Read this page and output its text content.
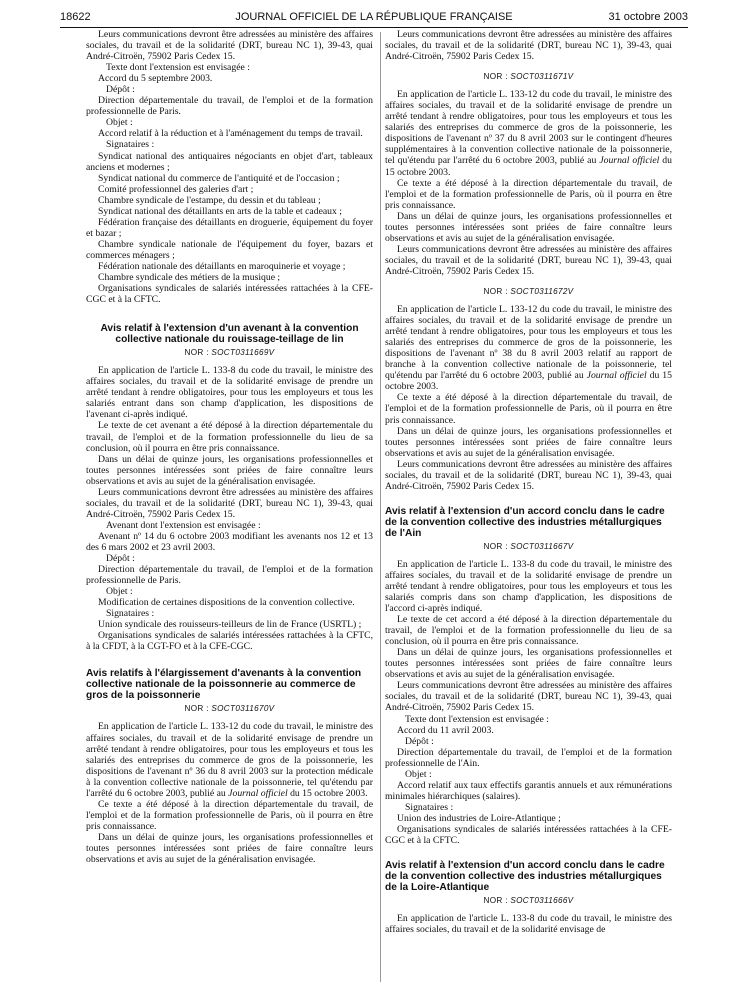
18622	JOURNAL OFFICIEL DE LA RÉPUBLIQUE FRANÇAISE	31 octobre 2003

Leurs communications devront être adressées au ministère des affaires sociales, du travail et de la solidarité (DRT, bureau NC 1), 39-43, quai André-Citroën, 75902 Paris Cedex 15.

Texte dont l'extension est envisagée :

Accord du 5 septembre 2003.

Dépôt :

Direction départementale du travail, de l'emploi et de la formation professionnelle de Paris.

Objet :

Accord relatif à la réduction et à l'aménagement du temps de travail.

Signataires :

Syndicat national des antiquaires négociants en objet d'art, tableaux anciens et modernes ;

Syndicat national du commerce de l'antiquité et de l'occasion ;

Comité professionnel des galeries d'art ;

Chambre syndicale de l'estampe, du dessin et du tableau ;

Syndicat national des détaillants en arts de la table et cadeaux ;

Fédération française des détaillants en droguerie, équipement du foyer et bazar ;

Chambre syndicale nationale de l'équipement du foyer, bazars et commerces ménagers ;

Fédération nationale des détaillants en maroquinerie et voyage ;

Chambre syndicale des métiers de la musique ;

Organisations syndicales de salariés intéressées rattachées à la CFE-CGC et à la CFTC.

Avis relatif à l'extension d'un avenant à la convention collective nationale du rouissage-teillage de lin
NOR : SOCT0311669V

En application de l'article L. 133-8 du code du travail, le ministre des affaires sociales, du travail et de la solidarité envisage de prendre un arrêté tendant à rendre obligatoires, pour tous les employeurs et tous les salariés entrant dans son champ d'application, les dispositions de l'avenant ci-après indiqué.

Le texte de cet avenant a été déposé à la direction départementale du travail, de l'emploi et de la formation professionnelle du lieu de sa conclusion, où il pourra en être pris connaissance.

Dans un délai de quinze jours, les organisations professionnelles et toutes personnes intéressées sont priées de faire connaître leurs observations et avis au sujet de la généralisation envisagée.

Leurs communications devront être adressées au ministère des affaires sociales, du travail et de la solidarité (DRT, bureau NC 1), 39-43, quai André-Citroën, 75902 Paris Cedex 15.

Avenant dont l'extension est envisagée :

Avenant nº 14 du 6 octobre 2003 modifiant les avenants nos 12 et 13 des 6 mars 2002 et 23 avril 2003.

Dépôt :

Direction départementale du travail, de l'emploi et de la formation professionnelle de Paris.

Objet :

Modification de certaines dispositions de la convention collective.

Signataires :

Union syndicale des rouisseurs-teilleurs de lin de France (USRTL) ;

Organisations syndicales de salariés intéressées rattachées à la CFTC, à la CFDT, à la CGT-FO et à la CFE-CGC.

Avis relatifs à l'élargissement d'avenants à la convention collective nationale de la poissonnerie au commerce de gros de la poissonnerie
NOR : SOCT0311670V

En application de l'article L. 133-12 du code du travail, le ministre des affaires sociales, du travail et de la solidarité envisage de prendre un arrêté tendant à rendre obligatoires, pour tous les employeurs et tous les salariés des entreprises du commerce de gros de la poissonnerie, les dispositions de l'avenant nº 36 du 8 avril 2003 sur la protection médicale à la convention collective nationale de la poissonnerie, tel qu'étendu par l'arrêté du 6 octobre 2003, publié au Journal officiel du 15 octobre 2003.

Ce texte a été déposé à la direction départementale du travail, de l'emploi et de la formation professionnelle de Paris, où il pourra en être pris connaissance.

Dans un délai de quinze jours, les organisations professionnelles et toutes personnes intéressées sont priées de faire connaître leurs observations et avis au sujet de la généralisation envisagée.

Leurs communications devront être adressées au ministère des affaires sociales, du travail et de la solidarité (DRT, bureau NC 1), 39-43, quai André-Citroën, 75902 Paris Cedex 15.

NOR : SOCT0311671V

En application de l'article L. 133-12 du code du travail, le ministre des affaires sociales, du travail et de la solidarité envisage de prendre un arrêté tendant à rendre obligatoires, pour tous les employeurs et tous les salariés des entreprises du commerce de gros de la poissonnerie, les dispositions de l'avenant nº 37 du 8 avril 2003 sur le contingent d'heures supplémentaires à la convention collective nationale de la poissonnerie, tel qu'étendu par l'arrêté du 6 octobre 2003, publié au Journal officiel du 15 octobre 2003.

Ce texte a été déposé à la direction départementale du travail, de l'emploi et de la formation professionnelle de Paris, où il pourra en être pris connaissance.

Dans un délai de quinze jours, les organisations professionnelles et toutes personnes intéressées sont priées de faire connaître leurs observations et avis au sujet de la généralisation envisagée.

Leurs communications devront être adressées au ministère des affaires sociales, du travail et de la solidarité (DRT, bureau NC 1), 39-43, quai André-Citroën, 75902 Paris Cedex 15.

NOR : SOCT0311672V

En application de l'article L. 133-12 du code du travail, le ministre des affaires sociales, du travail et de la solidarité envisage de prendre un arrêté tendant à rendre obligatoires, pour tous les employeurs et tous les salariés des entreprises du commerce de gros de la poissonnerie, les dispositions de l'avenant nº 38 du 8 avril 2003 relatif au rapport de branche à la convention collective nationale de la poissonnerie, tel qu'étendu par l'arrêté du 6 octobre 2003, publié au Journal officiel du 15 octobre 2003.

Ce texte a été déposé à la direction départementale du travail, de l'emploi et de la formation professionnelle de Paris, où il pourra en être pris connaissance.

Dans un délai de quinze jours, les organisations professionnelles et toutes personnes intéressées sont priées de faire connaître leurs observations et avis au sujet de la généralisation envisagée.

Leurs communications devront être adressées au ministère des affaires sociales, du travail et de la solidarité (DRT, bureau NC 1), 39-43, quai André-Citroën, 75902 Paris Cedex 15.

Avis relatif à l'extension d'un accord conclu dans le cadre de la convention collective des industries métallurgiques de l'Ain
NOR : SOCT0311667V

En application de l'article L. 133-8 du code du travail, le ministre des affaires sociales, du travail et de la solidarité envisage de prendre un arrêté tendant à rendre obligatoires, pour tous les employeurs et tous les salariés compris dans son champ d'application, les dispositions de l'accord ci-après indiqué.

Le texte de cet accord a été déposé à la direction départementale du travail, de l'emploi et de la formation professionnelle du lieu de sa conclusion, où il pourra en être pris connaissance.

Dans un délai de quinze jours, les organisations professionnelles et toutes personnes intéressées sont priées de faire connaître leurs observations et avis au sujet de la généralisation envisagée.

Leurs communications devront être adressées au ministère des affaires sociales, du travail et de la solidarité (DRT, bureau NC 1), 39-43, quai André-Citroën, 75902 Paris Cedex 15.

Texte dont l'extension est envisagée :

Accord du 11 avril 2003.

Dépôt :

Direction départementale du travail, de l'emploi et de la formation professionnelle de l'Ain.

Objet :

Accord relatif aux taux effectifs garantis annuels et aux rémunérations minimales hiérarchiques (salaires).

Signataires :

Union des industries de Loire-Atlantique ;

Organisations syndicales de salariés intéressées rattachées à la CFE-CGC et à la CFTC.

Avis relatif à l'extension d'un accord conclu dans le cadre de la convention collective des industries métallurgiques de la Loire-Atlantique
NOR : SOCT0311666V

En application de l'article L. 133-8 du code du travail, le ministre des affaires sociales, du travail et de la solidarité envisage de
